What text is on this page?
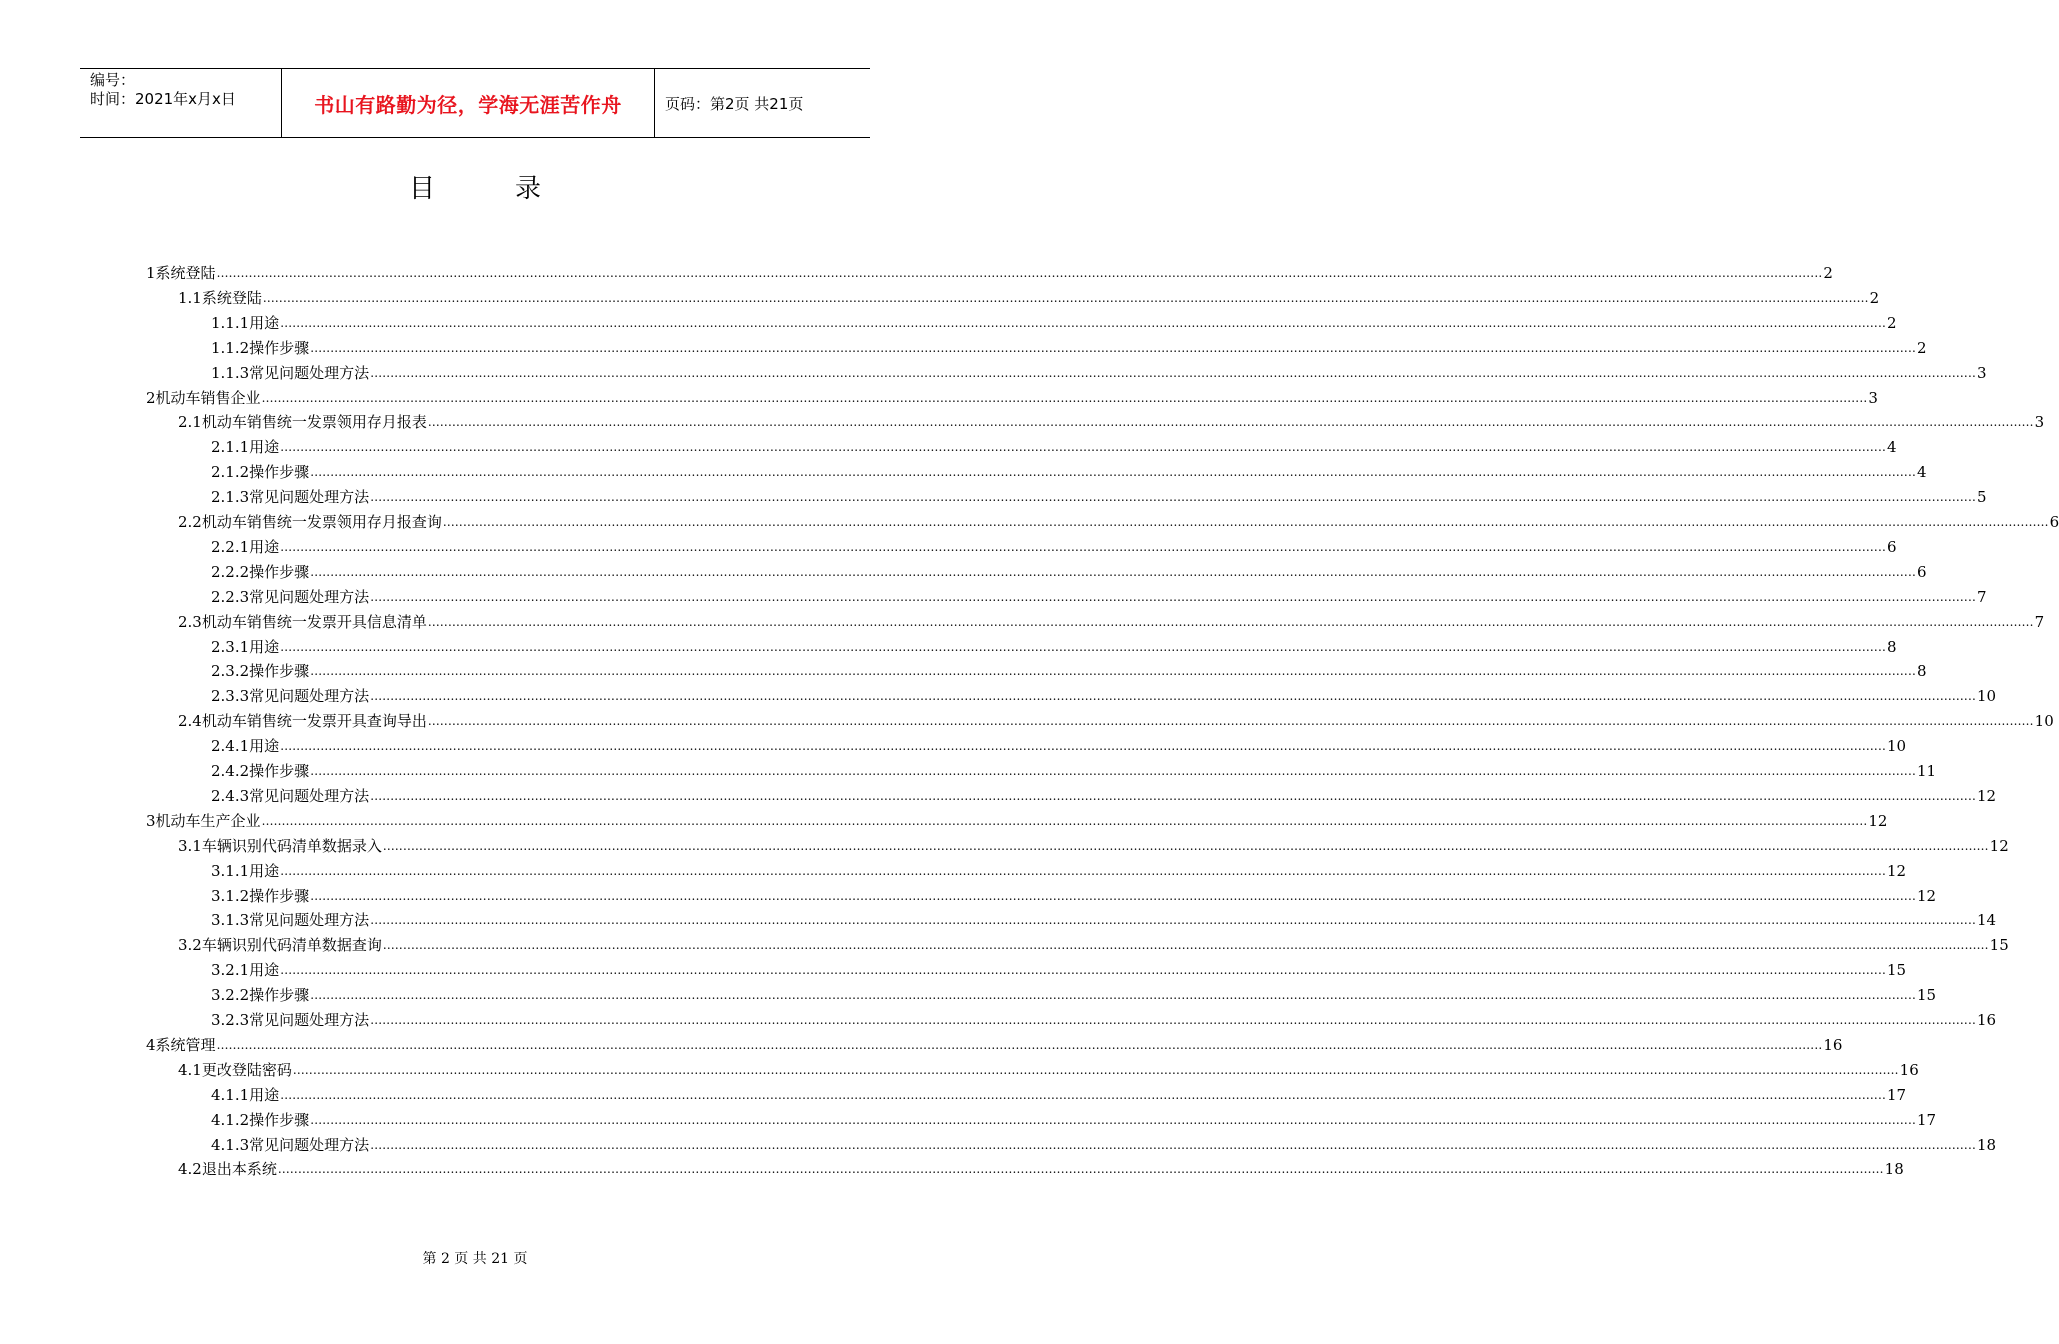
编号：
时间：2021年x月x日	书山有路勤为径，学海无涯苦作舟	页码：第2页 共21页
目	录
1 系统登陆 ................................................................................................................................................................................................................................................................................................................................................................................................................ 2
1.1 系统登陆 ................................................................................................................................................................................................................................................................................................................................................................................................................ 2
1.1.1 用途 ................................................................................................................................................................................................................................................................................................................................................................................................................ 2
1.1.2 操作步骤 ................................................................................................................................................................................................................................................................................................................................................................................................................ 2
1.1.3 常见问题处理方法 ................................................................................................................................................................................................................................................................................................................................................................................................................ 3
2 机动车销售企业 ................................................................................................................................................................................................................................................................................................................................................................................................................ 3
2.1 机动车销售统一发票领用存月报表 ................................................................................................................................................................................................................................................................................................................................................................................................................ 3
2.1.1 用途 ................................................................................................................................................................................................................................................................................................................................................................................................................ 4
2.1.2 操作步骤 ................................................................................................................................................................................................................................................................................................................................................................................................................ 4
2.1.3 常见问题处理方法 ................................................................................................................................................................................................................................................................................................................................................................................................................ 5
2.2 机动车销售统一发票领用存月报查询 ................................................................................................................................................................................................................................................................................................................................................................................................................ 6
2.2.1 用途 ................................................................................................................................................................................................................................................................................................................................................................................................................ 6
2.2.2 操作步骤 ................................................................................................................................................................................................................................................................................................................................................................................................................ 6
2.2.3 常见问题处理方法 ................................................................................................................................................................................................................................................................................................................................................................................................................ 7
2.3 机动车销售统一发票开具信息清单 ................................................................................................................................................................................................................................................................................................................................................................................................................ 7
2.3.1 用途 ................................................................................................................................................................................................................................................................................................................................................................................................................ 8
2.3.2 操作步骤 ................................................................................................................................................................................................................................................................................................................................................................................................................ 8
2.3.3 常见问题处理方法 ................................................................................................................................................................................................................................................................................................................................................................................................................ 10
2.4 机动车销售统一发票开具查询导出 ................................................................................................................................................................................................................................................................................................................................................................................................................ 10
2.4.1 用途 ................................................................................................................................................................................................................................................................................................................................................................................................................ 10
2.4.2 操作步骤 ................................................................................................................................................................................................................................................................................................................................................................................................................ 11
2.4.3 常见问题处理方法 ................................................................................................................................................................................................................................................................................................................................................................................................................ 12
3 机动车生产企业 ................................................................................................................................................................................................................................................................................................................................................................................................................ 12
3.1 车辆识别代码清单数据录入 ................................................................................................................................................................................................................................................................................................................................................................................................................ 12
3.1.1 用途 ................................................................................................................................................................................................................................................................................................................................................................................................................ 12
3.1.2 操作步骤 ................................................................................................................................................................................................................................................................................................................................................................................................................ 12
3.1.3 常见问题处理方法 ................................................................................................................................................................................................................................................................................................................................................................................................................ 14
3.2 车辆识别代码清单数据查询 ................................................................................................................................................................................................................................................................................................................................................................................................................ 15
3.2.1 用途 ................................................................................................................................................................................................................................................................................................................................................................................................................ 15
3.2.2 操作步骤 ................................................................................................................................................................................................................................................................................................................................................................................................................ 15
3.2.3 常见问题处理方法 ................................................................................................................................................................................................................................................................................................................................................................................................................ 16
4 系统管理 ................................................................................................................................................................................................................................................................................................................................................................................................................ 16
4.1 更改登陆密码 ................................................................................................................................................................................................................................................................................................................................................................................................................ 16
4.1.1 用途 ................................................................................................................................................................................................................................................................................................................................................................................................................ 17
4.1.2 操作步骤 ................................................................................................................................................................................................................................................................................................................................................................................................................ 17
4.1.3 常见问题处理方法 ................................................................................................................................................................................................................................................................................................................................................................................................................ 18
4.2 退出本系统 ................................................................................................................................................................................................................................................................................................................................................................................................................ 18
第 2 页 共 21 页
